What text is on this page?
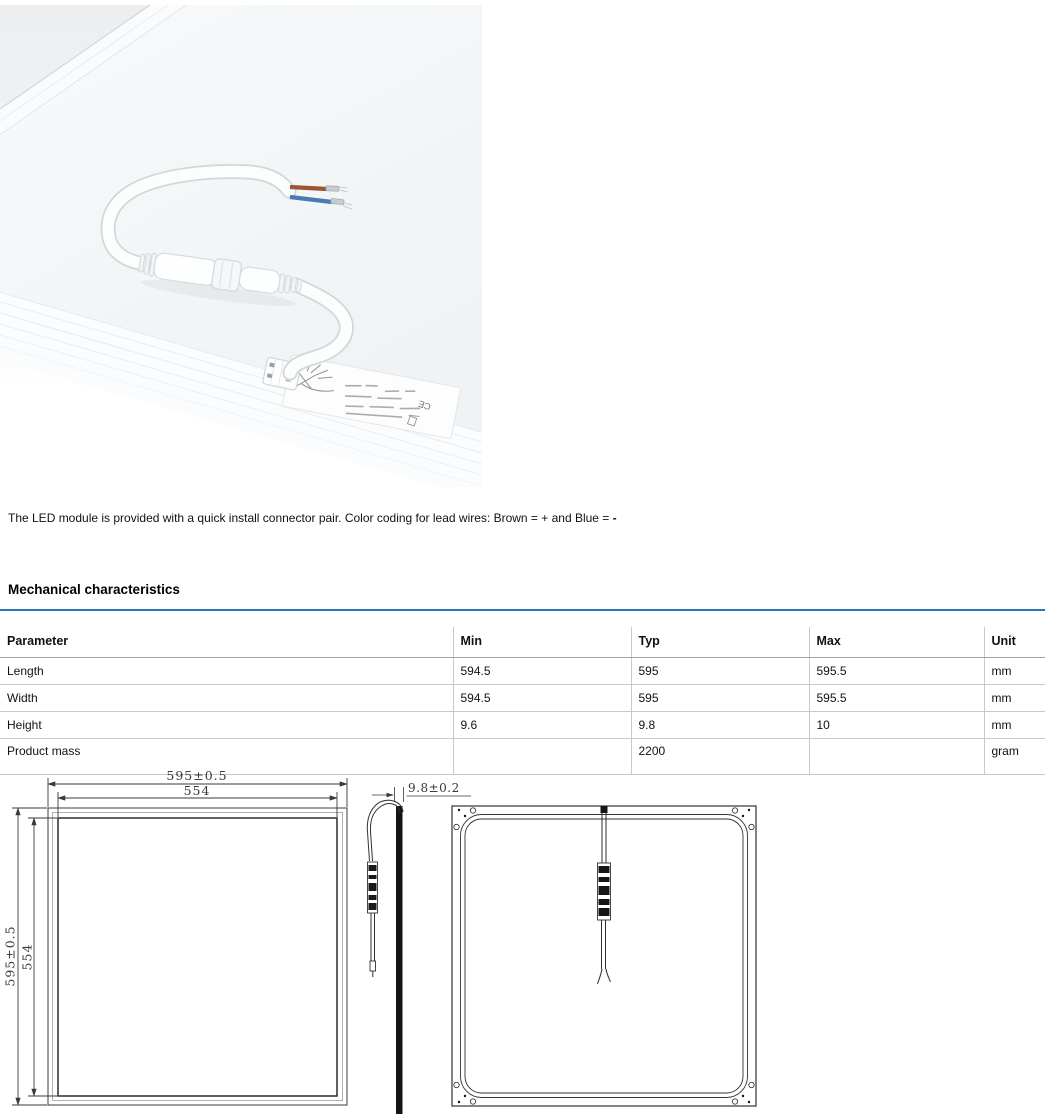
CE
The LED module is provided with a quick install connector pair. Color coding for lead wires: Brown = + and Blue = -
Mechanical characteristics
Parameter	Min	Typ	Max	Unit
Length	594.5	595	595.5	mm
Width	594.5	595	595.5	mm
Height	9.6	9.8	10	mm
Product mass		2200		gram
595±0.5
554
595±0.5 554
9.8±0.2
